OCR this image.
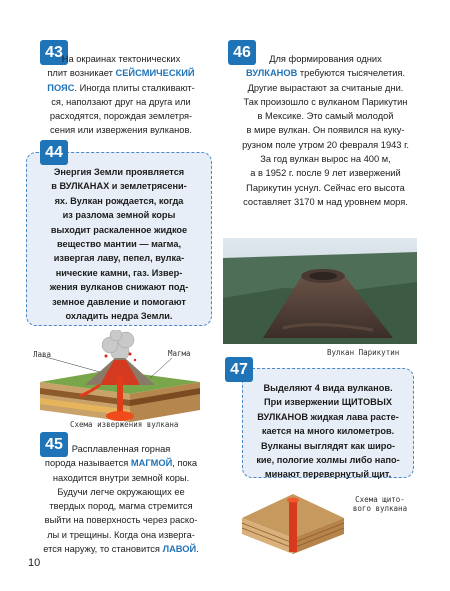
43

На окраинах тектонических
плит возникает СЕЙСМИЧЕСКИЙ
ПОЯС. Иногда плиты сталкивают-
ся, наползают друг на друга или
расходятся, порождая землетря-
сения или извержения вулканов.

Энергия Земли проявляется
в ВУЛКАНАХ и землетрясени-
ях. Вулкан рождается, когда
из разлома земной коры
выходит раскаленное жидкое
вещество мантии — магма,
извергая лаву, пепел, вулка-
нические камни, газ. Извер-
жения вулканов снижают под-
земное давление и помогают
охладить недра Земли.

44
Лава	Магма
Схема извержения вулкана
45 Расплавленная горная
порода называется МАГМОЙ, пока
находится внутри земной коры.
Будучи легче окружающих ее
твердых пород, магма стремится
выйти на поверхность через раско-
лы и трещины. Когда она изверга-
ется наружу, то становится ЛАВОЙ.

46	Для формирования одних
ВУЛКАНОВ требуются тысячелетия.
Другие вырастают за считаные дни.
Так произошло с вулканом Парикутин
в Мексике. Это самый молодой
в мире вулкан. Он появился на куку-
рузном поле утром 20 февраля 1943 г.
За год вулкан вырос на 400 м,
а в 1952 г. после 9 лет извержений
Парикутин уснул. Сейчас его высота
составляет 3170 м над уровнем моря.

Вулкан Парикутин

Выделяют 4 вида вулканов.
При извержении ЩИТОВЫХ
ВУЛКАНОВ жидкая лава расте-
кается на много километров.
Вулканы выглядят как широ-
кие, пологие холмы либо напо-
минают перевернутый щит.

47
Схема щито-
вого вулкана
10
